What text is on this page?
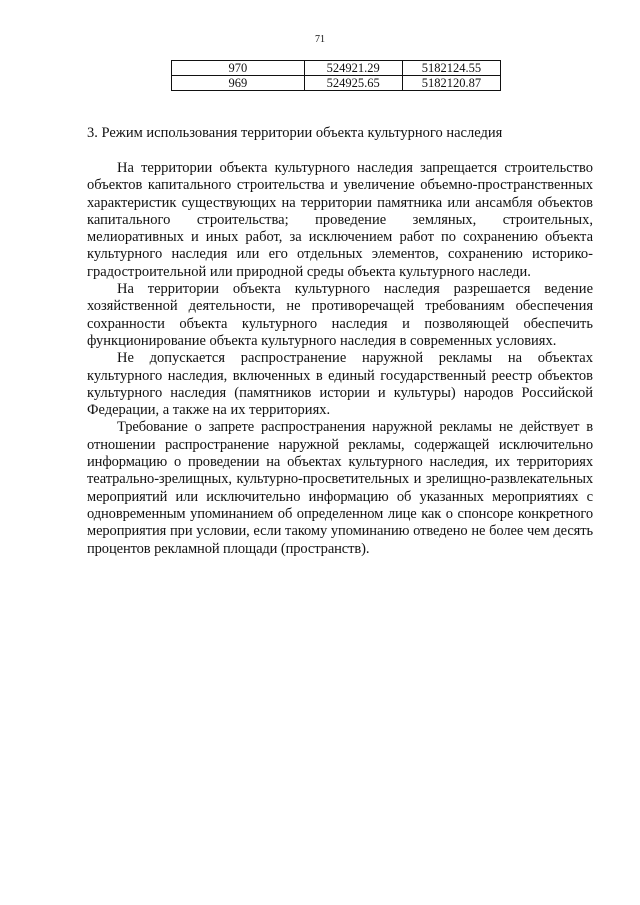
71
970	524921.29	5182124.55
969	524925.65	5182120.87
3. Режим использования территории объекта культурного наследия

На территории объекта культурного наследия запрещается строительство объектов капитального строительства и увеличение объемно-пространственных характеристик существующих на территории памятника или ансамбля объектов капитального строительства; проведение земляных, строительных, мелиоративных и иных работ, за исключением работ по сохранению объекта культурного наследия или его отдельных элементов, сохранению историко-градостроительной или природной среды объекта культурного наследи.

На территории объекта культурного наследия разрешается ведение хозяйственной деятельности, не противоречащей требованиям обеспечения сохранности объекта культурного наследия и позволяющей обеспечить функционирование объекта культурного наследия в современных условиях.

Не допускается распространение наружной рекламы на объектах культурного наследия, включенных в единый государственный реестр объектов культурного наследия (памятников истории и культуры) народов Российской Федерации, а также на их территориях.

Требование о запрете распространения наружной рекламы не действует в отношении распространение наружной рекламы, содержащей исключительно информацию о проведении на объектах культурного наследия, их территориях театрально-зрелищных, культурно-просветительных и зрелищно-развлекательных мероприятий или исключительно информацию об указанных мероприятиях с одновременным упоминанием об определенном лице как о спонсоре конкретного мероприятия при условии, если такому упоминанию отведено не более чем десять процентов рекламной площади (пространств).
